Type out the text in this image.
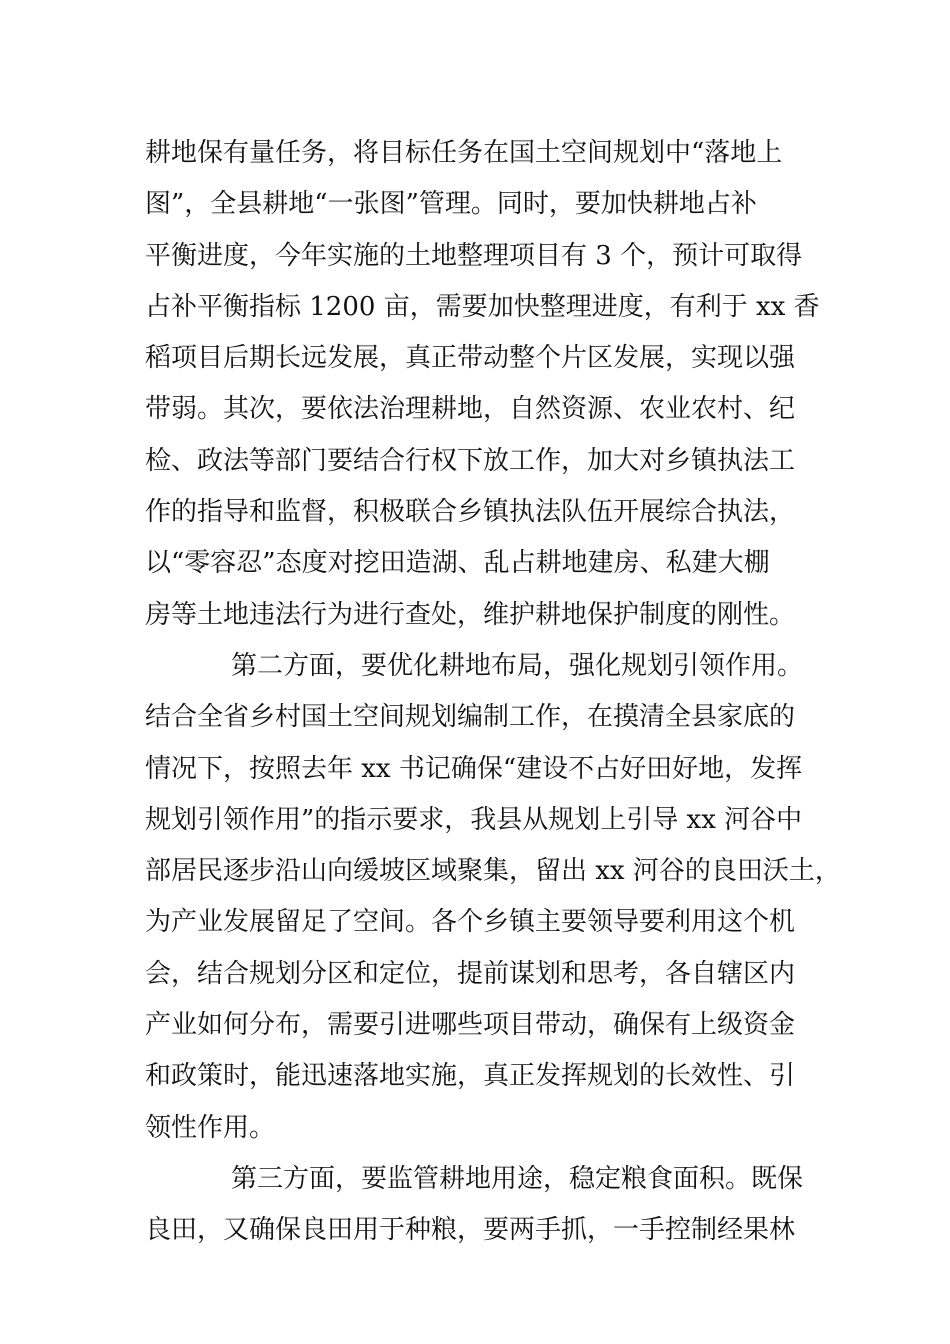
耕地保有量任务，将目标任务在国土空间规划中“落地上
图”，全县耕地“一张图”管理。同时，要加快耕地占补
平衡进度，今年实施的土地整理项目有 3 个，预计可取得
占补平衡指标 1200 亩，需要加快整理进度，有利于 xx 香
稻项目后期长远发展，真正带动整个片区发展，实现以强
带弱。其次，要依法治理耕地，自然资源、农业农村、纪
检、政法等部门要结合行权下放工作，加大对乡镇执法工
作的指导和监督，积极联合乡镇执法队伍开展综合执法，
以“零容忍”态度对挖田造湖、乱占耕地建房、私建大棚
房等土地违法行为进行查处，维护耕地保护制度的刚性。
第二方面，要优化耕地布局，强化规划引领作用。
结合全省乡村国土空间规划编制工作，在摸清全县家底的
情况下，按照去年 xx 书记确保“建设不占好田好地，发挥
规划引领作用”的指示要求，我县从规划上引导 xx 河谷中
部居民逐步沿山向缓坡区域聚集，留出 xx 河谷的良田沃土，
为产业发展留足了空间。各个乡镇主要领导要利用这个机
会，结合规划分区和定位，提前谋划和思考，各自辖区内
产业如何分布，需要引进哪些项目带动，确保有上级资金
和政策时，能迅速落地实施，真正发挥规划的长效性、引
领性作用。
第三方面，要监管耕地用途，稳定粮食面积。既保
良田，又确保良田用于种粮，要两手抓，一手控制经果林
